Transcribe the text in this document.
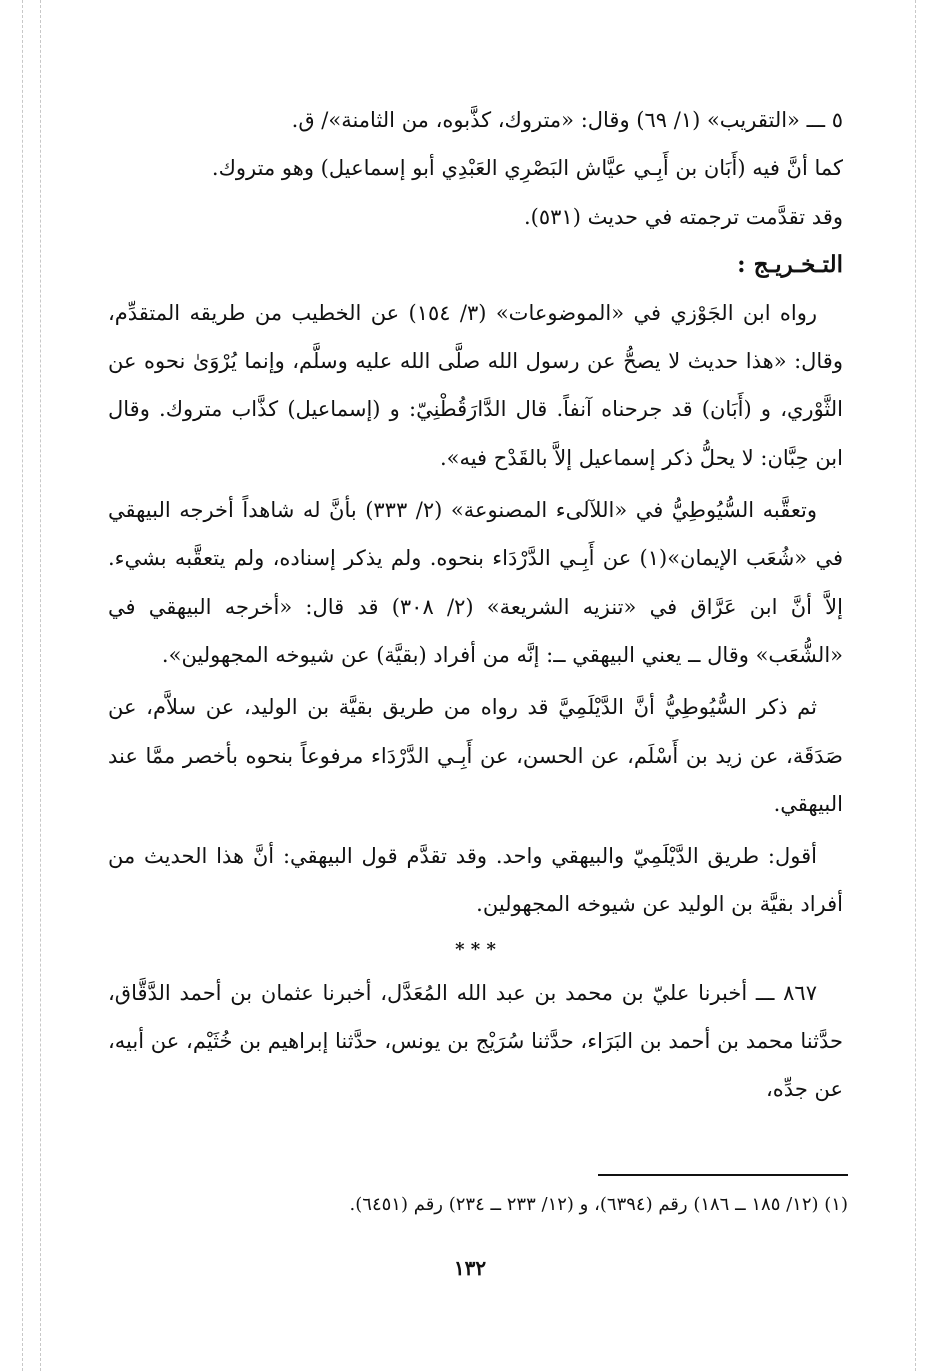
٥ ـــ «التقريب» (١/ ٦٩) وقال: «متروك، كذَّبوه، من الثامنة»/ ق.

كما أنَّ فيه (أَبَان بن أَبِـي عيَّاش البَصْرِي العَبْدِي أبو إسماعيل) وهو متروك.

وقد تقدَّمت ترجمته في حديث (٥٣١).

التـخـريـج :

رواه ابن الجَوْزي في «الموضوعات» (٣/ ١٥٤) عن الخطيب من طريقه المتقدِّم، وقال: «هذا حديث لا يصحُّ عن رسول الله صلَّى الله عليه وسلَّم، وإنما يُرْوَىٰ نحوه عن الثَّوْري، و (أَبَان) قد جرحناه آنفاً. قال الدَّارَقُطْنِيّ: و (إسماعيل) كذَّاب متروك. وقال ابن حِبَّان: لا يحلُّ ذكر إسماعيل إلاَّ بالقَدْح فيه».

وتعقَّبه السُّيُوطِيُّ في «اللآلىء المصنوعة» (٢/ ٣٣٣) بأنَّ له شاهداً أخرجه البيهقي في «شُعَب الإيمان»(١) عن أَبِـي الدَّرْدَاء بنحوه. ولم يذكر إسناده، ولم يتعقَّبه بشيء. إلاَّ أنَّ ابن عَرَّاق في «تنزيه الشريعة» (٢/ ٣٠٨) قد قال: «أخرجه البيهقي في «الشُّعَب» وقال ــ يعني البيهقي ــ: إنَّه من أفراد (بقيَّة) عن شيوخه المجهولين».

ثم ذكر السُّيُوطِيُّ أنَّ الدَّيْلَمِيَّ قد رواه من طريق بقيَّة بن الوليد، عن سلاَّم، عن صَدَقَة، عن زيد بن أَسْلَم، عن الحسن، عن أَبِـي الدَّرْدَاء مرفوعاً بنحوه بأخصر ممَّا عند البيهقي.

أقول: طريق الدَّيْلَمِيّ والبيهقي واحد. وقد تقدَّم قول البيهقي: أنَّ هذا الحديث من أفراد بقيَّة بن الوليد عن شيوخه المجهولين.

* * *

٨٦٧ ـــ أخبرنا عليّ بن محمد بن عبد الله المُعَدَّل، أخبرنا عثمان بن أحمد الدَّقَّاق، حدَّثنا محمد بن أحمد بن البَرَاء، حدَّثنا سُرَيْج بن يونس، حدَّثنا إبراهيم بن خُثَيْم، عن أبيه، عن جدِّه،

(١) (١٢/ ١٨٥ ــ ١٨٦) رقم (٦٣٩٤)، و (١٢/ ٢٣٣ ــ ٢٣٤) رقم (٦٤٥١).
١٣٢
